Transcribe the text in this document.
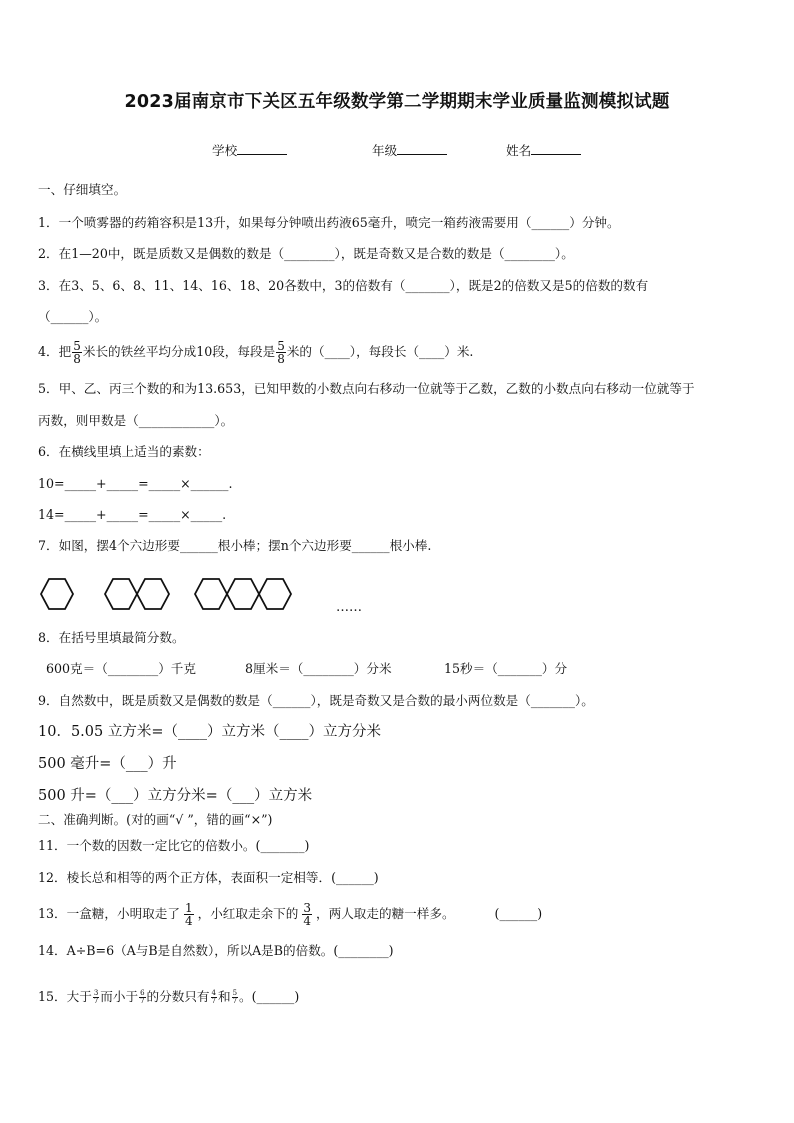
2023届南京市下关区五年级数学第二学期期末学业质量监测模拟试题
学校	年级	姓名
一、仔细填空。
1．一个喷雾器的药箱容积是13升，如果每分钟喷出药液65毫升，喷完一箱药液需要用（______）分钟。
2．在1—20中，既是质数又是偶数的数是（________），既是奇数又是合数的数是（________）。
3．在3、5、6、8、11、14、16、18、20各数中，3的倍数有（_______），既是2的倍数又是5的倍数的数有
（______）。
4．把 $\frac{5}{8}$ 米长的铁丝平均分成10段，每段是 $\frac{5}{8}$ 米的（____），每段长（____）米.
5．甲、乙、丙三个数的和为13.653，已知甲数的小数点向右移动一位就等于乙数，乙数的小数点向右移动一位就等于
丙数，则甲数是（____________）。
6．在横线里填上适当的素数：
10=_____+_____=_____×______.
14=_____+_____=_____×_____.
7．如图，摆4个六边形要______根小棒；摆n个六边形要______根小棒.
……
8．在括号里填最简分数。
600克＝（________）千克	8厘米＝（________）分米	15秒＝（_______）分
9．自然数中，既是质数又是偶数的数是（______），既是奇数又是合数的最小两位数是（_______）。
10．5.05 立方米=（____）立方米（____）立方分米
500 毫升=（___）升
500 升=（___）立方分米=（___）立方米
二、准确判断。(对的画“√ ”，错的画“×”)
11．一个数的因数一定比它的倍数小。(_______)
12．棱长总和相等的两个正方体，表面积一定相等．(______)
13．一盒糖，小明取走了 $\frac{1}{4}$ ，小红取走余下的 $\frac{3}{4}$ ，两人取走的糖一样多。	(______)
14．A÷B=6（A与B是自然数），所以A是B的倍数。(________)
15．大于 $\frac{3}{7}$ 而小于 $\frac{6}{7}$ 的分数只有 $\frac{4}{7}$ 和 $\frac{5}{7}$ 。(______)
